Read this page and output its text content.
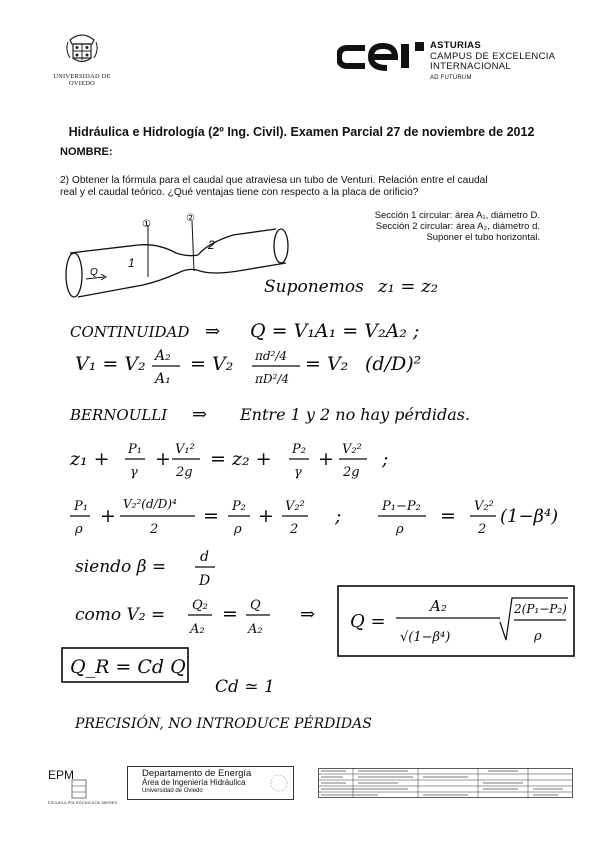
UNIVERSIDAD DE OVIEDO
ce
ASTURIAS
CAMPUS DE EXCELENCIA
INTERNACIONAL
AD FUTURUM
Hidráulica e Hidrología (2º Ing. Civil). Examen Parcial 27 de noviembre de 2012
NOMBRE:
2) Obtener la fórmula para el caudal que atraviesa un tubo de Venturi. Relación entre el caudal
real y el caudal teórico. ¿Qué ventajas tiene con respecto a la placa de orificio?
Sección 1 circular: área A₁, diámetro D.
Sección 2 circular: área A₂, diámetro d.
Suponer el tubo horizontal.
①
②
Q
1
2
Suponemos z₁ = z₂
CONTINUIDAD ⇒ Q = V₁A₁ = V₂A₂ ;
V₁ = V₂ A₂
A₁
= V₂ πd²/4
πD²/4
= V₂ (d/D)²
BERNOULLI ⇒ Entre 1 y 2 no hay pérdidas.
z₁ + P₁
γ
+ V₁²
2g
= z₂ + P₂
γ
+ V₂²
2g
;
P₁
ρ
+
V₂²(d/D)⁴
2
= P₂
ρ
+ V₂²
2
;	P₁−P₂
ρ
= V₂²
2
(1−β⁴)
siendo β = d
D
como V₂ = Q₂
A₂
= Q
A₂
⇒ Q =
A₂
√(1−β⁴)
2(P₁−P₂)
ρ
Q_R = Cd Q
Cd ≃ 1
PRECISIÓN, NO INTRODUCE PÉRDIDAS
EPM
ESCUELA POLITÉCNICA DE MIERES
Departamento de Energía
Área de Ingeniería Hidráulica
Universidad de Oviedo
